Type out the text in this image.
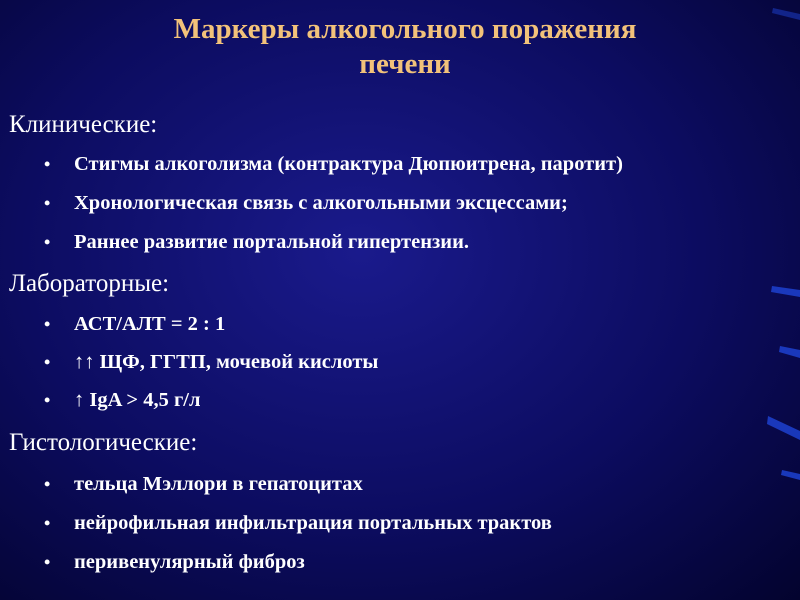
Маркеры алкогольного поражения
печени
Клинические:
• Стигмы алкоголизма (контрактура Дюпюитрена, паротит)
• Хронологическая связь с алкогольными эксцессами;
• Раннее развитие портальной гипертензии.
Лабораторные:
• АСТ/АЛТ = 2 : 1
• ↑↑ ЩФ, ГГТП, мочевой кислоты
• ↑ IgA > 4,5 г/л
Гистологические:
• тельца Мэллори в гепатоцитах
• нейрофильная инфильтрация портальных трактов
• перивенулярный фиброз
